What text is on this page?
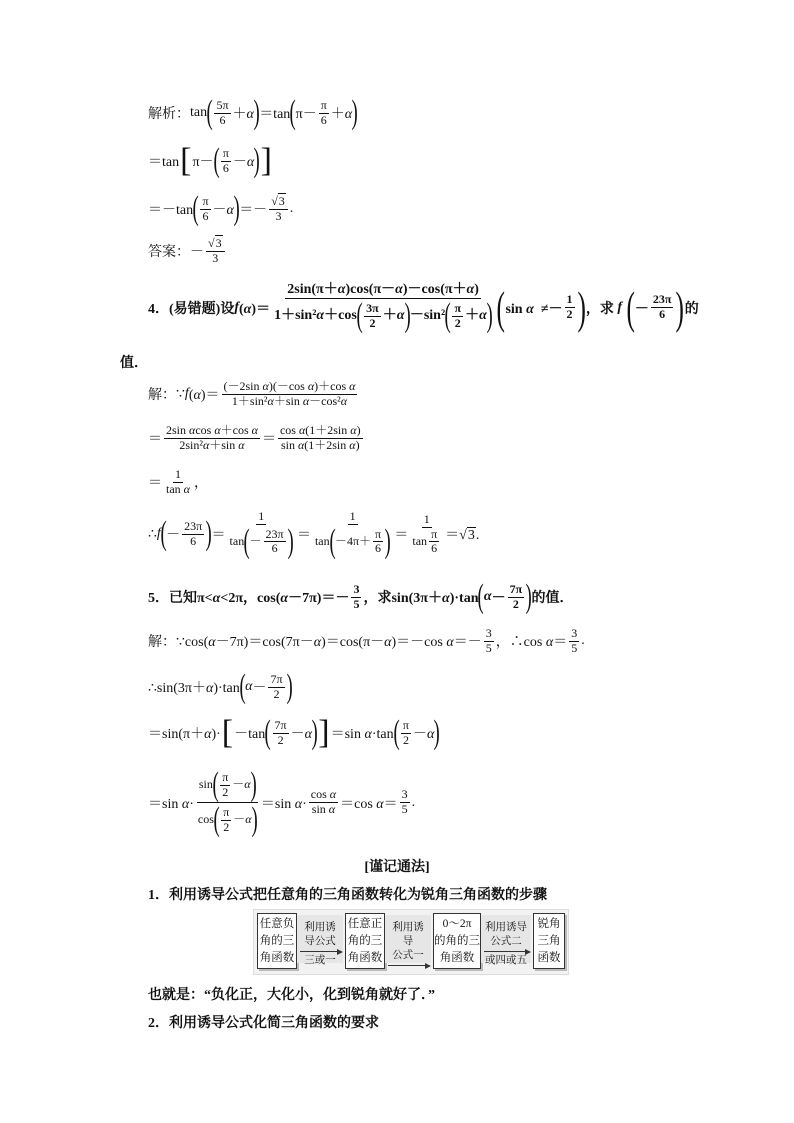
解析： tan ( $\frac{5\pi}{6} +\alpha$ ) ＝tan ( $\pi- \frac{\pi}{6} +\alpha$ )
＝tan [ π－ ( $\frac{\pi}{6} -\alpha$ ) ]
＝－tan ( $\frac{\pi}{6} -\alpha$ ) ＝－ $\frac{√3}{3}$ .
答案： － $\frac{√3}{3}$
4． (易错题) 设 f $(\alpha)= \frac{2\sin(\pi+\alpha)\cos(\pi-\alpha)-\cos(\pi+\alpha)}{1+\sin^2 \alpha +\cos ( \frac{3\pi}{2} + \alpha ) -\sin^2 ( \frac{\pi}{2} + \alpha )}$ ( $\sin \alpha \ne- \frac{1}{2}$ ) ，求 f ( － $\frac{23\pi}{6}$ ) 的
值．
解： ∵ f $(\alpha)= \frac{\text{(－2sin α)(－cos α)＋cos α}}{\text{1＋sin²α＋sin α－cos²α}}$
＝ $\frac{\text{2sin αcos α＋cos α}}{\text{2sin²α＋sin α}} = \frac{\text{cos α(1＋2sin α)}}{\text{sin α(1＋2sin α)}}$
＝ $\frac{1}{\text{tan α}}$ ，
∴ f ( － $\frac{23\pi}{6}$ ) ＝ $\frac{1}{\tan ( - \frac{23\pi}{6} )} = \frac{1}{\tan ( -4\pi+ \frac{\pi}{6} )} = \frac{1}{\tan \frac{\pi}{6}} =√3$.
5． 已知 π<α<2π，$\cos(\alpha-7\pi)=- \frac{3}{5}$ ， 求 sin(3π＋α)·tan ( $\alpha - \frac{7\pi}{2}$ ) 的值．
解： ∵cos(α－7π)＝cos(7π－α)＝cos(π－α)＝－cos $\alpha=- \frac{3}{5}$ ，∴cos $\alpha= \frac{3}{5}$ .
∴sin(3π＋α)·tan ( $\alpha - \frac{7\pi}{2}$ )
＝sin(π＋α)· [ －tan ( $\frac{7\pi}{2} -\alpha$ ) ] ＝sin α·tan ( $\frac{\pi}{2} -\alpha$ )
＝sin $\alpha\cdot \frac{\sin ( \frac{\pi}{2} - \alpha )}{\cos ( \frac{\pi}{2} - \alpha )} =\sin$ $\alpha\cdot \frac{\text{cos α}}{\text{sin α}} =\cos$ $\alpha= \frac{3}{5}$ .
[谨记通法]
1．利用诱导公式把任意角的三角函数转化为锐角三角函数的步骤
任意负
角的三
角函数
利用诱
导公式
三或一
任意正
角的三
角函数
利用诱导
公式一
0～2π
的角的三
角函数
利用诱导
公式二
或四或五
锐角
三角
函数
也就是：“负化正，大化小，化到锐角就好了．”
2．利用诱导公式化简三角函数的要求
